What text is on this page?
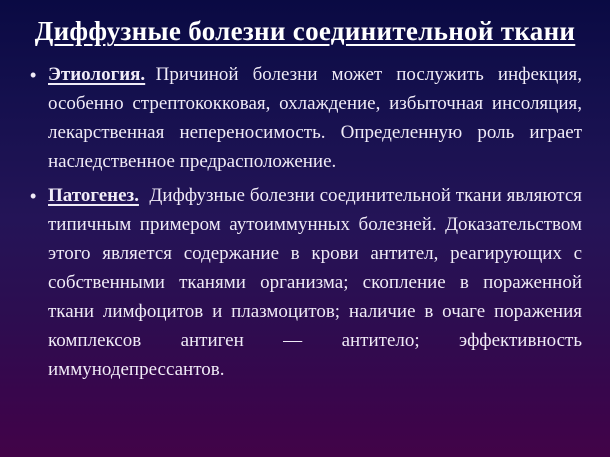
Диффузные болезни соединительной ткани
• Этиология. Причиной болезни может послужить инфекция, особенно стрептококковая, охлаждение, избыточная инсоляция, лекарственная непереносимость. Определенную роль играет наследственное предрасположение.

• Патогенез. Диффузные болезни соединительной ткани являются типичным примером аутоиммунных болезней. Доказательством этого является содержание в крови антител, реагирующих с собственными тканями организма; скопление в пораженной ткани лимфоцитов и плазмоцитов; наличие в очаге поражения комплексов антиген — антитело; эффективность иммунодепрессантов.
